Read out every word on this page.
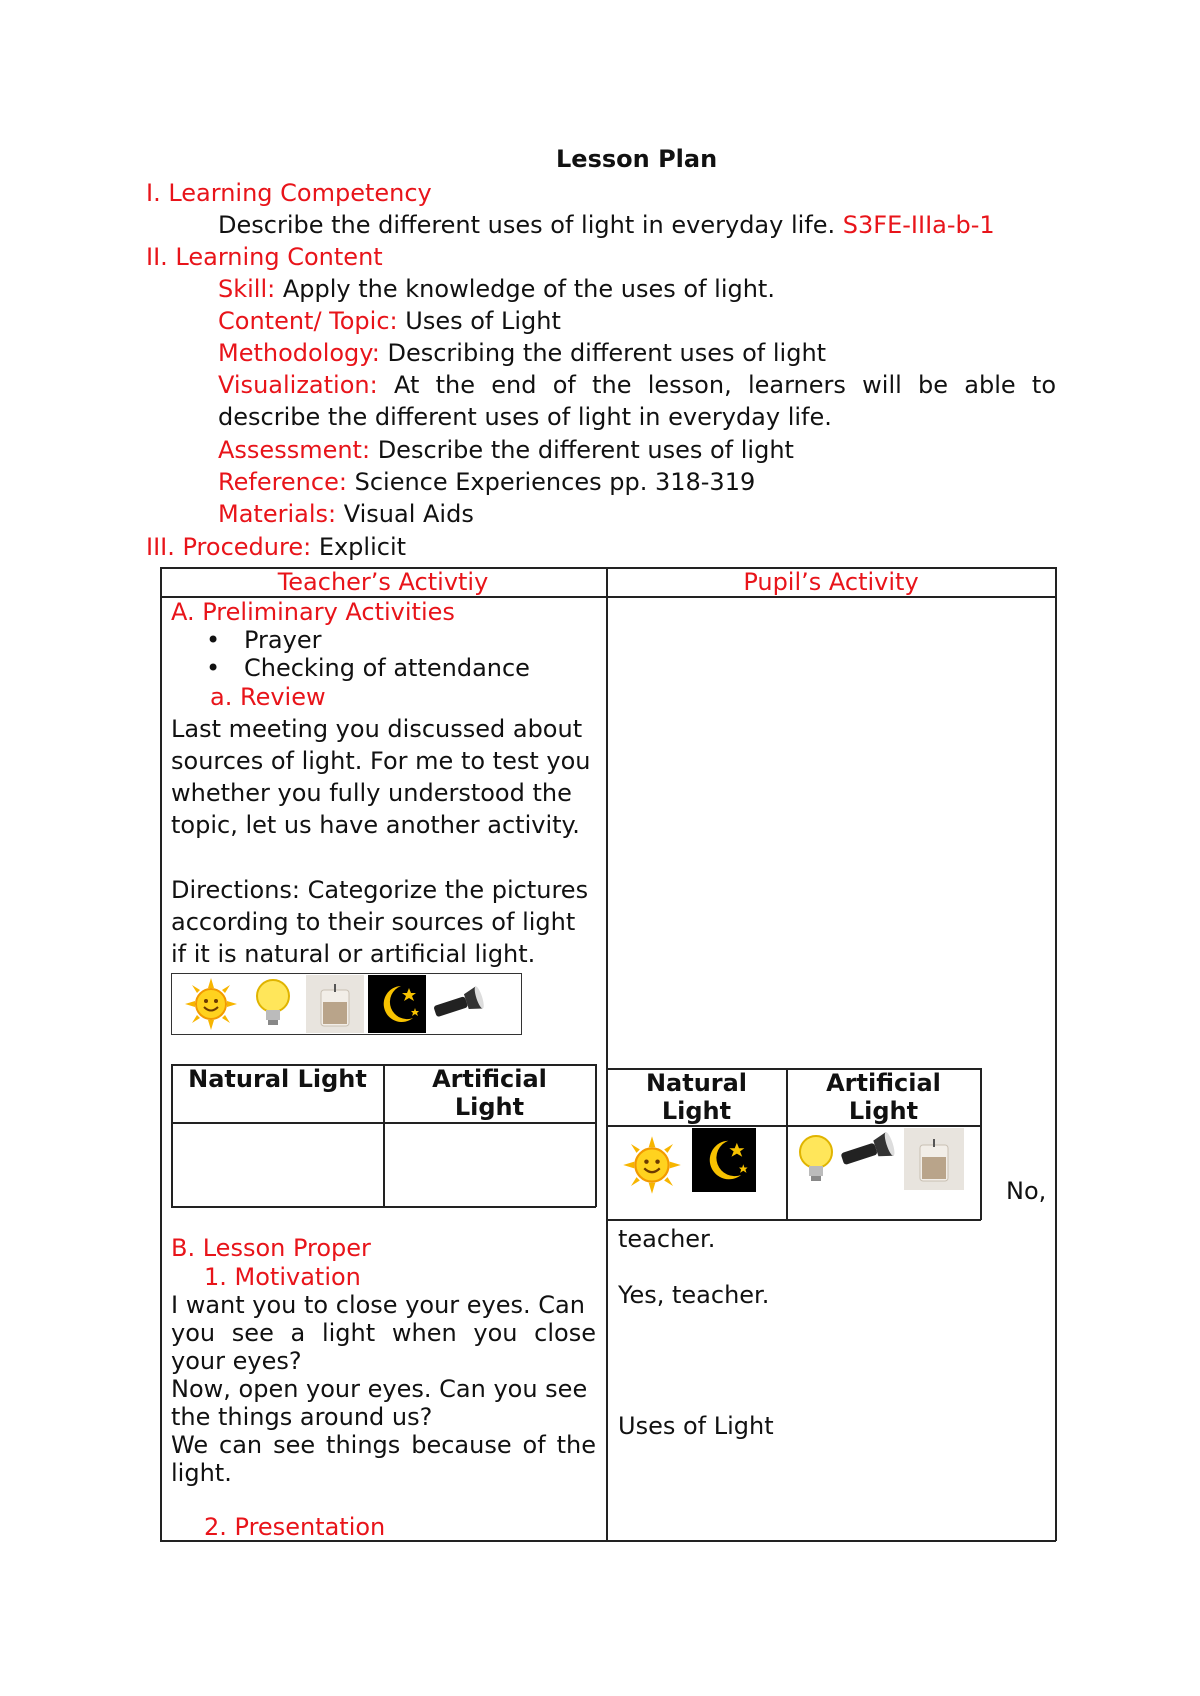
Lesson Plan
I. Learning Competency
Describe the different uses of light in everyday life. S3FE-IIIa-b-1
II. Learning Content
Skill: Apply the knowledge of the uses of light.
Content/ Topic: Uses of Light
Methodology: Describing the different uses of light
Visualization: At the end of the lesson, learners will be able to
describe the different uses of light in everyday life.
Assessment: Describe the different uses of light
Reference: Science Experiences pp. 318-319
Materials: Visual Aids
III. Procedure: Explicit
Teacher’s Activtiy	Pupil’s Activity
A. Preliminary Activities
• Prayer
• Checking of attendance
a. Review
Last meeting you discussed about
sources of light. For me to test you
whether you fully understood the
topic, let us have another activity.
Directions: Categorize the pictures
according to their sources of light
if it is natural or artificial light.
Natural Light	Artificial
Light
B. Lesson Proper
1. Motivation
I want you to close your eyes. Can
you see a light when you close
your eyes?
Now, open your eyes. Can you see
the things around us?
We can see things because of the
light.
2. Presentation
Natural
Light
Artificial
Light
No,
teacher.
Yes, teacher.
Uses of Light
